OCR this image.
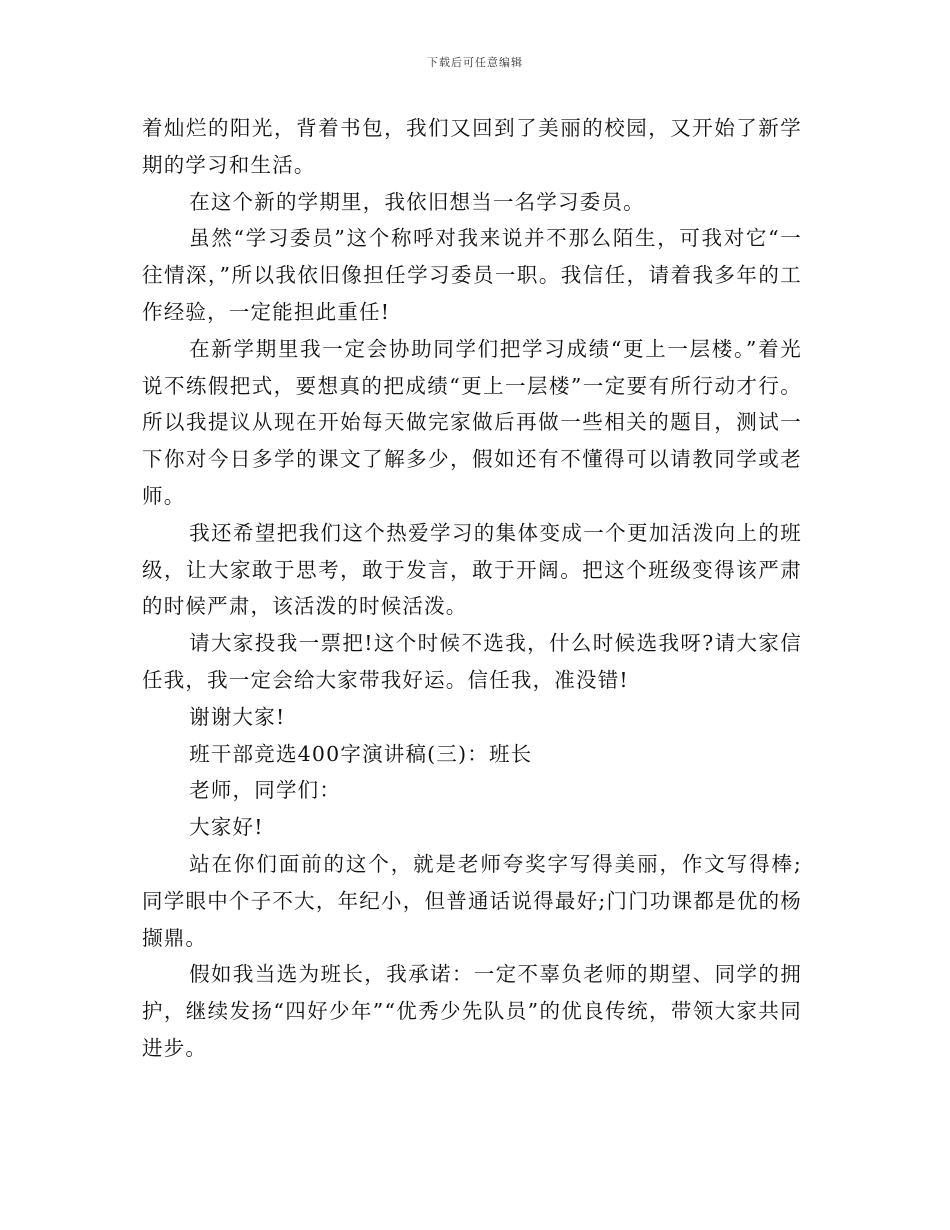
下载后可任意编辑

着灿烂的阳光，背着书包，我们又回到了美丽的校园，又开始了新学期的学习和生活。

在这个新的学期里，我依旧想当一名学习委员。

虽然“学习委员”这个称呼对我来说并不那么陌生，可我对它“一往情深，”所以我依旧像担任学习委员一职。我信任，请着我多年的工作经验，一定能担此重任!

在新学期里我一定会协助同学们把学习成绩“更上一层楼。”着光说不练假把式，要想真的把成绩“更上一层楼”一定要有所行动才行。所以我提议从现在开始每天做完家做后再做一些相关的题目，测试一下你对今日多学的课文了解多少，假如还有不懂得可以请教同学或老师。

我还希望把我们这个热爱学习的集体变成一个更加活泼向上的班级，让大家敢于思考，敢于发言，敢于开阔。把这个班级变得该严肃的时候严肃，该活泼的时候活泼。

请大家投我一票把!这个时候不选我，什么时候选我呀?请大家信任我，我一定会给大家带我好运。信任我，准没错!

谢谢大家!

班干部竞选400字演讲稿(三)：班长

老师，同学们：

大家好!

站在你们面前的这个，就是老师夸奖字写得美丽，作文写得棒;同学眼中个子不大，年纪小，但普通话说得最好;门门功课都是优的杨撷鼎。

假如我当选为班长，我承诺：一定不辜负老师的期望、同学的拥护，继续发扬“四好少年”“优秀少先队员”的优良传统，带领大家共同进步。
